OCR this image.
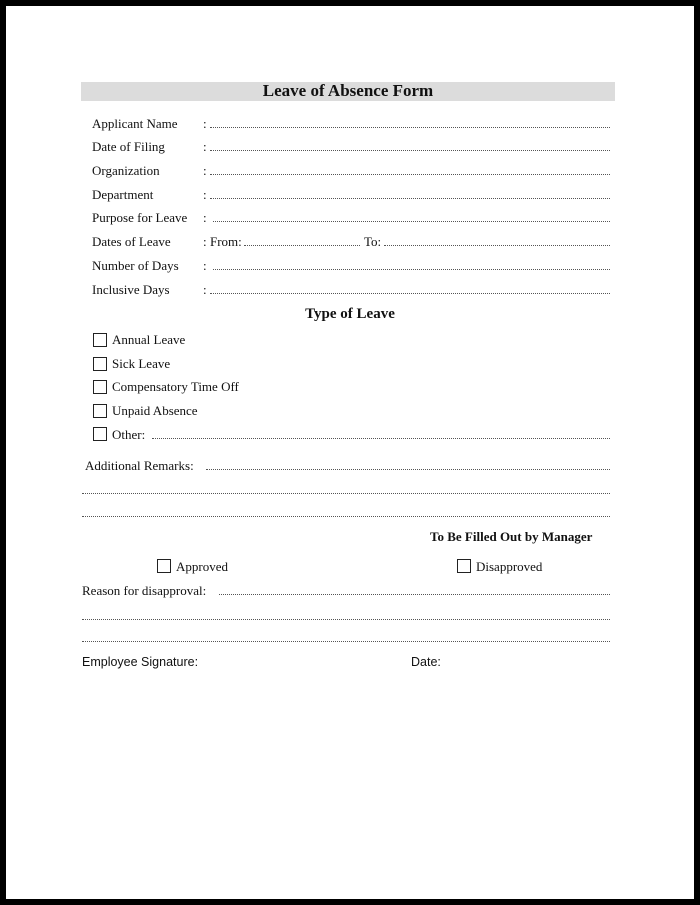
Leave of Absence Form
Applicant Name :
Date of Filing	:
Organization	:
Department	:
Purpose for Leave :
Dates of Leave : From:	To:
Number of Days :
Inclusive Days	:
Type of Leave
Annual Leave
Sick Leave
Compensatory Time Off
Unpaid Absence
Other:
Additional Remarks:
To Be Filled Out by Manager
Approved	Disapproved
Reason for disapproval:
Employee Signature:	Date:
